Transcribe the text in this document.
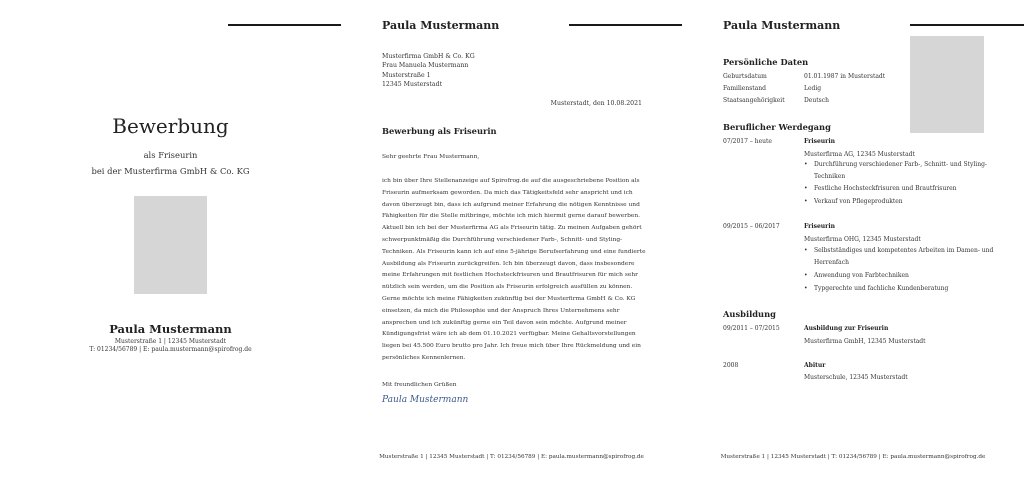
Bewerbung
als Friseurin
bei der Musterfirma GmbH & Co. KG
Paula Mustermann
Musterstraße 1 | 12345 Musterstadt
T: 01234/56789 | E: paula.mustermann@spirofrog.de
Paula Mustermann
Musterfirma GmbH & Co. KG
Frau Manuela Mustermann
Musterstraße 1
12345 Musterstadt
Musterstadt, den 10.08.2021
Bewerbung als Friseurin
Sehr geehrte Frau Mustermann,
ich bin über Ihre Stellenanzeige auf Spirofrog.de auf die ausgeschriebene Position als
Friseurin aufmerksam geworden. Da mich das Tätigkeitsfeld sehr anspricht und ich
davon überzeugt bin, dass ich aufgrund meiner Erfahrung die nötigen Kenntnisse und
Fähigkeiten für die Stelle mitbringe, möchte ich mich hiermit gerne darauf bewerben.
Aktuell bin ich bei der Musterfirma AG als Friseurin tätig. Zu meinen Aufgaben gehört
schwerpunktmäßig die Durchführung verschiedener Farb-, Schnitt- und Styling-
Techniken. Als Friseurin kann ich auf eine 5-jährige Berufserfahrung und eine fundierte
Ausbildung als Friseurin zurückgreifen. Ich bin überzeugt davon, dass insbesondere
meine Erfahrungen mit festlichen Hochsteckfrisuren und Brautfrisuren für mich sehr
nützlich sein werden, um die Position als Friseurin erfolgreich ausfüllen zu können.
Gerne möchte ich meine Fähigkeiten zukünftig bei der Musterfirma GmbH & Co. KG
einsetzen, da mich die Philosophie und der Anspruch Ihres Unternehmens sehr
ansprechen und ich zukünftig gerne ein Teil davon sein möchte. Aufgrund meiner
Kündigungsfrist wäre ich ab dem 01.10.2021 verfügbar. Meine Gehaltsvorstellungen
liegen bei 45.500 Euro brutto pro Jahr. Ich freue mich über Ihre Rückmeldung und ein
persönliches Kennenlernen.
Mit freundlichen Grüßen
Paula Mustermann
Musterstraße 1 | 12345 Musterstadt | T: 01234/56789 | E: paula.mustermann@spirofrog.de
Paula Mustermann
Persönliche Daten
Geburtsdatum	01.01.1987 in Musterstadt
Familienstand	Ledig
Staatsangehörigkeit	Deutsch
Beruflicher Werdegang
07/2017 – heute	Friseurin
Musterfirma AG, 12345 Musterstadt
• Durchführung verschiedener Farb-, Schnitt- und Styling-Techniken
• Festliche Hochsteckfrisuren und Brautfrisuren
• Verkauf von Pflegeprodukten
09/2015 – 06/2017	Friseurin
Musterfirma OHG, 12345 Musterstadt
• Selbstständiges und kompetentes Arbeiten im Damen- und Herrenfach
• Anwendung von Farbtechniken
• Typgerechte und fachliche Kundenberatung
Ausbildung
09/2011 – 07/2015	Ausbildung zur Friseurin
Musterfirma GmbH, 12345 Musterstadt
2008	Abitur
Musterschule, 12345 Musterstadt
Musterstraße 1 | 12345 Musterstadt | T: 01234/56789 | E: paula.mustermann@spirofrog.de
